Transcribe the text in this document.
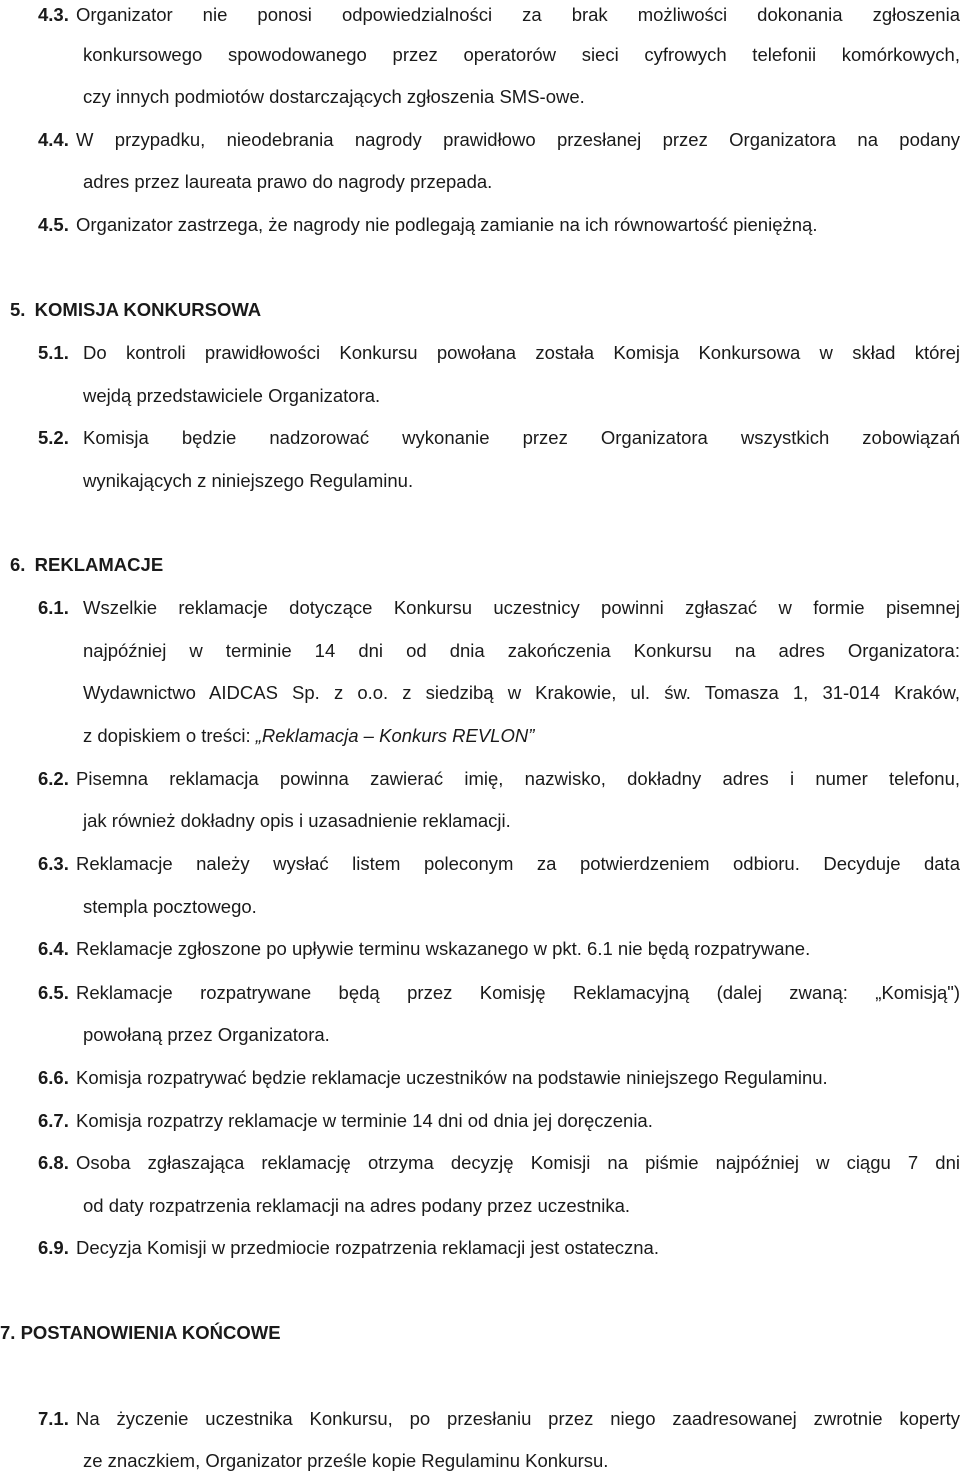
4.3. Organizator nie ponosi odpowiedzialności za brak możliwości dokonania zgłoszenia
konkursowego spowodowanego przez operatorów sieci cyfrowych telefonii komórkowych,
czy innych podmiotów dostarczających zgłoszenia SMS-owe.
4.4. W przypadku, nieodebrania nagrody prawidłowo przesłanej przez Organizatora na podany
adres przez laureata prawo do nagrody przepada.
4.5. Organizator zastrzega, że nagrody nie podlegają zamianie na ich równowartość pieniężną.
5. KOMISJA KONKURSOWA
5.1. Do kontroli prawidłowości Konkursu powołana została Komisja Konkursowa w skład której
wejdą przedstawiciele Organizatora.
5.2. Komisja będzie nadzorować wykonanie przez Organizatora wszystkich zobowiązań
wynikających z niniejszego Regulaminu.
6. REKLAMACJE
6.1. Wszelkie reklamacje dotyczące Konkursu uczestnicy powinni zgłaszać w formie pisemnej
najpóźniej w terminie 14 dni od dnia zakończenia Konkursu na adres Organizatora:
Wydawnictwo AIDCAS Sp. z o.o. z siedzibą w Krakowie, ul. św. Tomasza 1, 31-014 Kraków,
z dopiskiem o treści: „Reklamacja – Konkurs REVLON”
6.2. Pisemna reklamacja powinna zawierać imię, nazwisko, dokładny adres i numer telefonu,
jak również dokładny opis i uzasadnienie reklamacji.
6.3. Reklamacje należy wysłać listem poleconym za potwierdzeniem odbioru. Decyduje data
stempla pocztowego.
6.4. Reklamacje zgłoszone po upływie terminu wskazanego w pkt. 6.1 nie będą rozpatrywane.
6.5. Reklamacje rozpatrywane będą przez Komisję Reklamacyjną (dalej zwaną: „Komisją")
powołaną przez Organizatora.
6.6. Komisja rozpatrywać będzie reklamacje uczestników na podstawie niniejszego Regulaminu.
6.7. Komisja rozpatrzy reklamacje w terminie 14 dni od dnia jej doręczenia.
6.8. Osoba zgłaszająca reklamację otrzyma decyzję Komisji na piśmie najpóźniej w ciągu 7 dni
od daty rozpatrzenia reklamacji na adres podany przez uczestnika.
6.9. Decyzja Komisji w przedmiocie rozpatrzenia reklamacji jest ostateczna.
7. POSTANOWIENIA KOŃCOWE
7.1. Na życzenie uczestnika Konkursu, po przesłaniu przez niego zaadresowanej zwrotnie koperty
ze znaczkiem, Organizator prześle kopie Regulaminu Konkursu.
